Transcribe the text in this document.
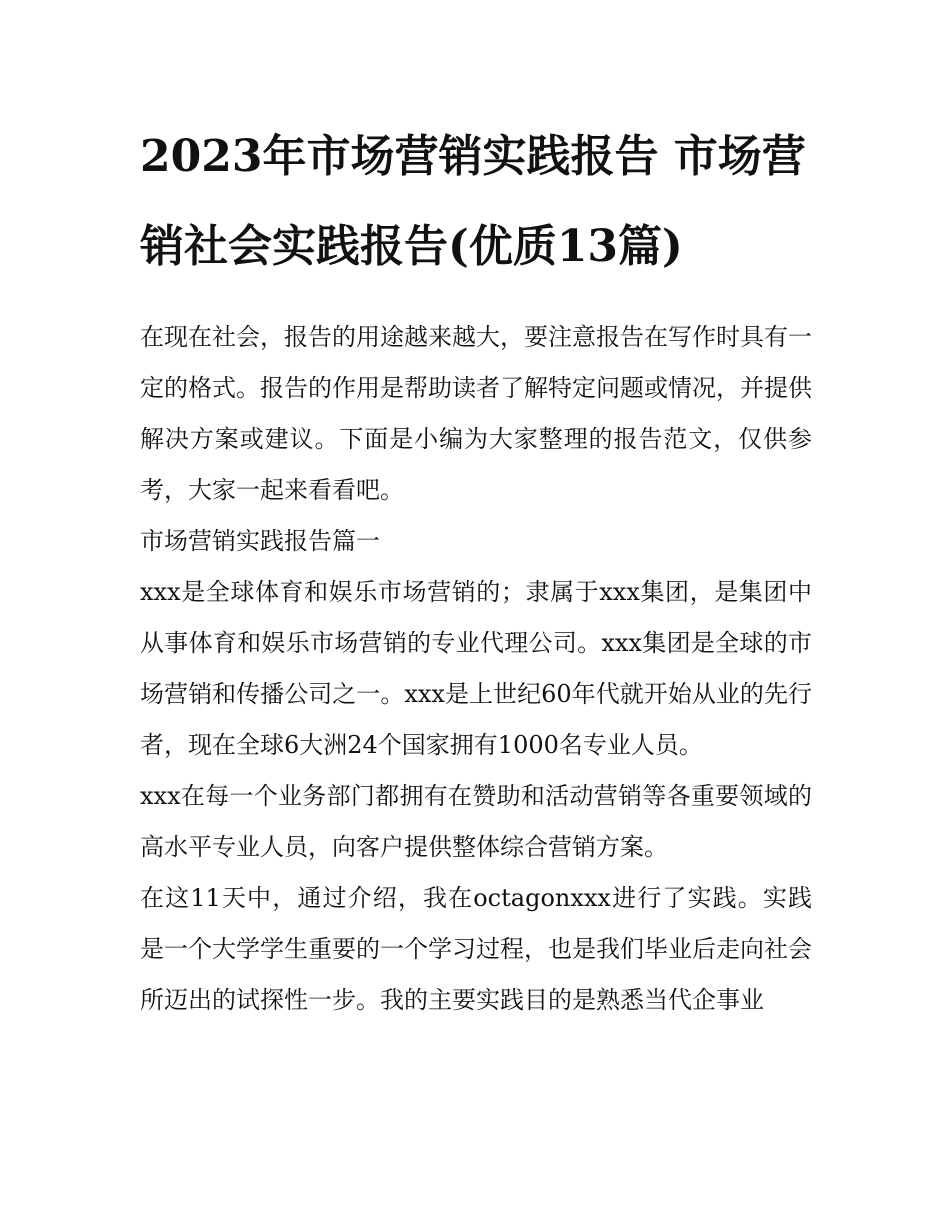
2023年市场营销实践报告 市场营销社会实践报告(优质13篇)

在现在社会，报告的用途越来越大，要注意报告在写作时具有一定的格式。报告的作用是帮助读者了解特定问题或情况，并提供解决方案或建议。下面是小编为大家整理的报告范文，仅供参考，大家一起来看看吧。

市场营销实践报告篇一

xxx是全球体育和娱乐市场营销的；隶属于xxx集团，是集团中从事体育和娱乐市场营销的专业代理公司。xxx集团是全球的市场营销和传播公司之一。xxx是上世纪60年代就开始从业的先行者，现在全球6大洲24个国家拥有1000名专业人员。

xxx在每一个业务部门都拥有在赞助和活动营销等各重要领域的高水平专业人员，向客户提供整体综合营销方案。

在这11天中，通过介绍，我在octagonxxx进行了实践。实践是一个大学学生重要的一个学习过程，也是我们毕业后走向社会所迈出的试探性一步。我的主要实践目的是熟悉当代企事业
